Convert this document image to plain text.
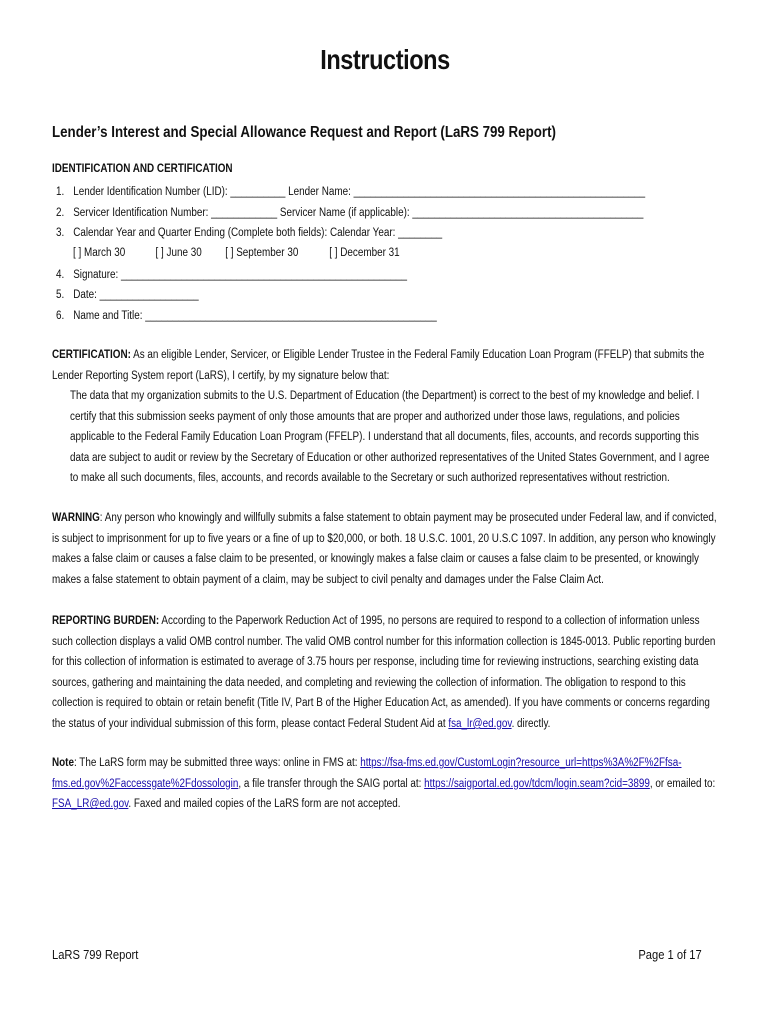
Instructions
Lender’s Interest and Special Allowance Request and Report (LaRS 799 Report)
IDENTIFICATION AND CERTIFICATION
1. Lender Identification Number (LID): __________ Lender Name: _____________________________________________________
2. Servicer Identification Number: ____________ Servicer Name (if applicable): __________________________________________
3. Calendar Year and Quarter Ending (Complete both fields): Calendar Year: ________
[ ] March 30	[ ] June 30 [ ] September 30	[ ] December 31
4. Signature: ____________________________________________________
5. Date: __________________
6. Name and Title: _____________________________________________________
CERTIFICATION: As an eligible Lender, Servicer, or Eligible Lender Trustee in the Federal Family Education Loan Program (FFELP) that submits the Lender Reporting System report (LaRS), I certify, by my signature below that:
The data that my organization submits to the U.S. Department of Education (the Department) is correct to the best of my knowledge and belief. I certify that this submission seeks payment of only those amounts that are proper and authorized under those laws, regulations, and policies applicable to the Federal Family Education Loan Program (FFELP). I understand that all documents, files, accounts, and records supporting this data are subject to audit or review by the Secretary of Education or other authorized representatives of the United States Government, and I agree to make all such documents, files, accounts, and records available to the Secretary or such authorized representatives without restriction.
WARNING: Any person who knowingly and willfully submits a false statement to obtain payment may be prosecuted under Federal law, and if convicted, is subject to imprisonment for up to five years or a fine of up to $20,000, or both. 18 U.S.C. 1001, 20 U.S.C 1097. In addition, any person who knowingly makes a false claim or causes a false claim to be presented, or knowingly makes a false claim or causes a false claim to be presented, or knowingly makes a false statement to obtain payment of a claim, may be subject to civil penalty and damages under the False Claim Act.
REPORTING BURDEN: According to the Paperwork Reduction Act of 1995, no persons are required to respond to a collection of information unless such collection displays a valid OMB control number. The valid OMB control number for this information collection is 1845-0013. Public reporting burden for this collection of information is estimated to average of 3.75 hours per response, including time for reviewing instructions, searching existing data sources, gathering and maintaining the data needed, and completing and reviewing the collection of information. The obligation to respond to this collection is required to obtain or retain benefit (Title IV, Part B of the Higher Education Act, as amended). If you have comments or concerns regarding the status of your individual submission of this form, please contact Federal Student Aid at fsa_lr@ed.gov. directly.
Note: The LaRS form may be submitted three ways: online in FMS at: https://fsa-fms.ed.gov/CustomLogin?resource_url=https%3A%2F%2Ffsa-fms.ed.gov%2Faccessgate%2Fdossologin, a file transfer through the SAIG portal at: https://saigportal.ed.gov/tdcm/login.seam?cid=3899, or emailed to: FSA_LR@ed.gov. Faxed and mailed copies of the LaRS form are not accepted.
LaRS 799 Report	Page 1 of 17
